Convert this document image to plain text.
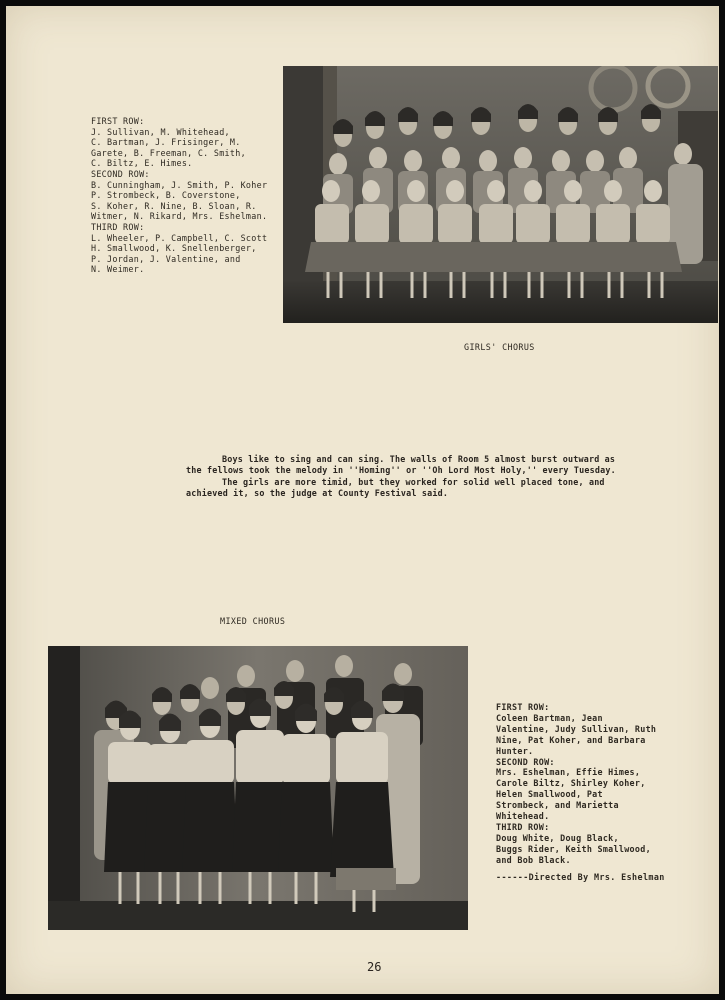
FIRST ROW:
J. Sullivan, M. Whitehead,
C. Bartman, J. Frisinger, M.
Garete, B. Freeman, C. Smith,
C. Biltz, E. Himes.
SECOND ROW:
B. Cunningham, J. Smith, P. Koher
P. Strombeck, B. Coverstone,
S. Koher, R. Nine, B. Sloan, R.
Witmer, N. Rikard, Mrs. Eshelman.
THIRD ROW:
L. Wheeler, P. Campbell, C. Scott
H. Smallwood, K. Snellenberger,
P. Jordan, J. Valentine, and
N. Weimer.
GIRLS' CHORUS
Boys like to sing and can sing. The walls of Room 5 almost burst outward as
the fellows took the melody in ''Homing'' or ''Oh Lord Most Holy,'' every Tuesday.
The girls are more timid, but they worked for solid well placed tone, and
achieved it, so the judge at County Festival said.
MIXED CHORUS
FIRST ROW:
Coleen Bartman, Jean
Valentine, Judy Sullivan, Ruth
Nine, Pat Koher, and Barbara
Hunter.
SECOND ROW:
Mrs. Eshelman, Effie Himes,
Carole Biltz, Shirley Koher,
Helen Smallwood, Pat
Strombeck, and Marietta
Whitehead.
THIRD ROW:
Doug White, Doug Black,
Buggs Rider, Keith Smallwood,
and Bob Black.
------Directed By Mrs. Eshelman
26
